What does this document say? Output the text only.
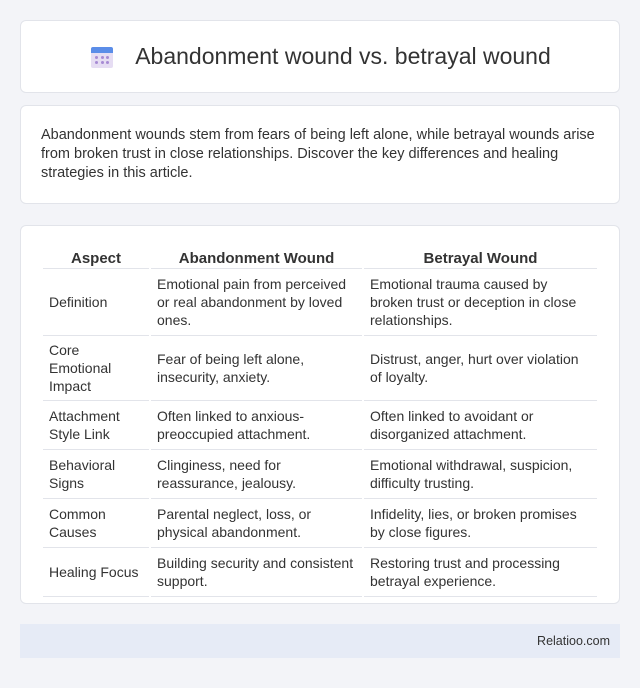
Abandonment wound vs. betrayal wound

Abandonment wounds stem from fears of being left alone, while betrayal wounds arise from broken trust in close relationships. Discover the key differences and healing strategies in this article.

Aspect	Abandonment Wound	Betrayal Wound
Definition	Emotional pain from perceived or real abandonment by loved ones.	Emotional trauma caused by broken trust or deception in close relationships.
Core Emotional Impact	Fear of being left alone, insecurity, anxiety.	Distrust, anger, hurt over violation of loyalty.
Attachment Style Link	Often linked to anxious-preoccupied attachment.	Often linked to avoidant or disorganized attachment.
Behavioral Signs	Clinginess, need for reassurance, jealousy.	Emotional withdrawal, suspicion, difficulty trusting.
Common Causes	Parental neglect, loss, or physical abandonment.	Infidelity, lies, or broken promises by close figures.
Healing Focus	Building security and consistent support.	Restoring trust and processing betrayal experience.
Relatioo.com
